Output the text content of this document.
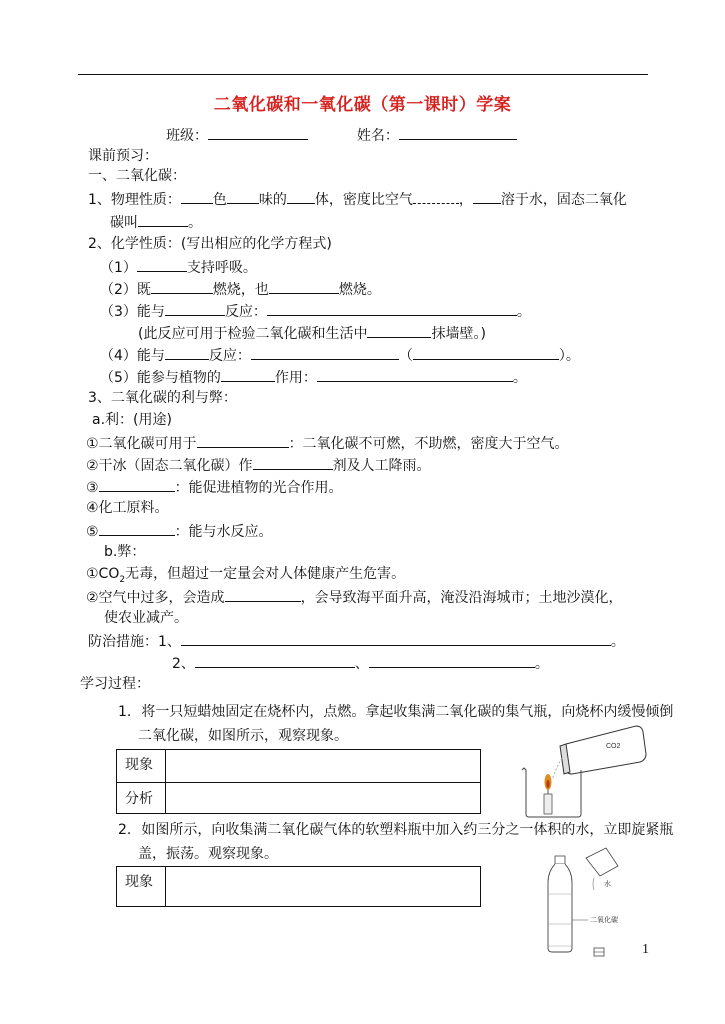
二氧化碳和一氧化碳（第一课时）学案
班级：	姓名：
课前预习：
一、二氧化碳：
1、物理性质： 色 味的 体，密度比空气	， 溶于水，固态二氧化
碳叫	。
2、化学性质：(写出相应的化学方程式)
（1）	支持呼吸。
（2）既	燃烧，也	燃烧。
（3）能与	反应：	。
(此反应可用于检验二氧化碳和生活中	抹墙壁。)
（4）能与	反应：	（	）。
（5）能参与植物的	作用：	。
3、二氧化碳的利与弊：
a.利：(用途)
①二氧化碳可用于	：二氧化碳不可燃，不助燃，密度大于空气。
②干冰（固态二氧化碳）作	剂及人工降雨。
③	：能促进植物的光合作用。
④化工原料。
⑤	：能与水反应。
b.弊：
$①CO_2$无毒，但超过一定量会对人体健康产生危害。
②空气中过多，会造成	，会导致海平面升高，淹没沿海城市；土地沙漠化，
使农业减产。
防治措施：1、	。
2、	、	。
学习过程：
1. 将一只短蜡烛固定在烧杯内，点燃。拿起收集满二氧化碳的集气瓶，向烧杯内缓慢倾倒
二氧化碳，如图所示，观察现象。
现象	
分析	
CO2
2. 如图所示，向收集满二氧化碳气体的软塑料瓶中加入约三分之一体积的水，立即旋紧瓶
盖，振荡。观察现象。
现象		水
二氧化碳
1
